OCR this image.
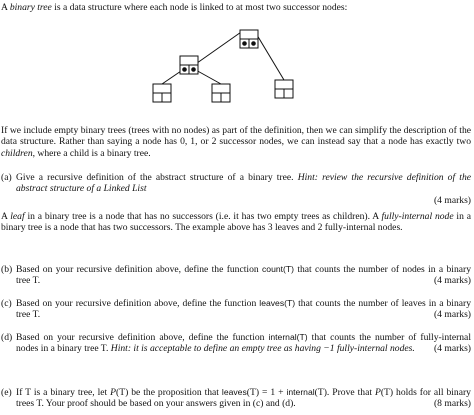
A binary tree is a data structure where each node is linked to at most two successor nodes:
If we include empty binary trees (trees with no nodes) as part of the definition, then we can simplify the description of the data structure. Rather than saying a node has 0, 1, or 2 successor nodes, we can instead say that a node has exactly two children, where a child is a binary tree.
(a) Give a recursive definition of the abstract structure of a binary tree. Hint: review the recursive definition of the abstract structure of a Linked List
(4 marks)
A leaf in a binary tree is a node that has no successors (i.e. it has two empty trees as children). A fully-internal node in a binary tree is a node that has two successors. The example above has 3 leaves and 2 fully-internal nodes.
(b) Based on your recursive definition above, define the function count(T) that counts the number of nodes in a binary tree T.	(4 marks)
(c) Based on your recursive definition above, define the function leaves(T) that counts the number of leaves in a binary tree T.	(4 marks)
(d) Based on your recursive definition above, define the function internal(T) that counts the number of fully-internal nodes in a binary tree T. Hint: it is acceptable to define an empty tree as having −1 fully-internal nodes.	(4 marks)
(e) If T is a binary tree, let P(T) be the proposition that leaves(T) = 1 + internal(T). Prove that P(T) holds for all binary trees T. Your proof should be based on your answers given in (c) and (d).	(8 marks)
